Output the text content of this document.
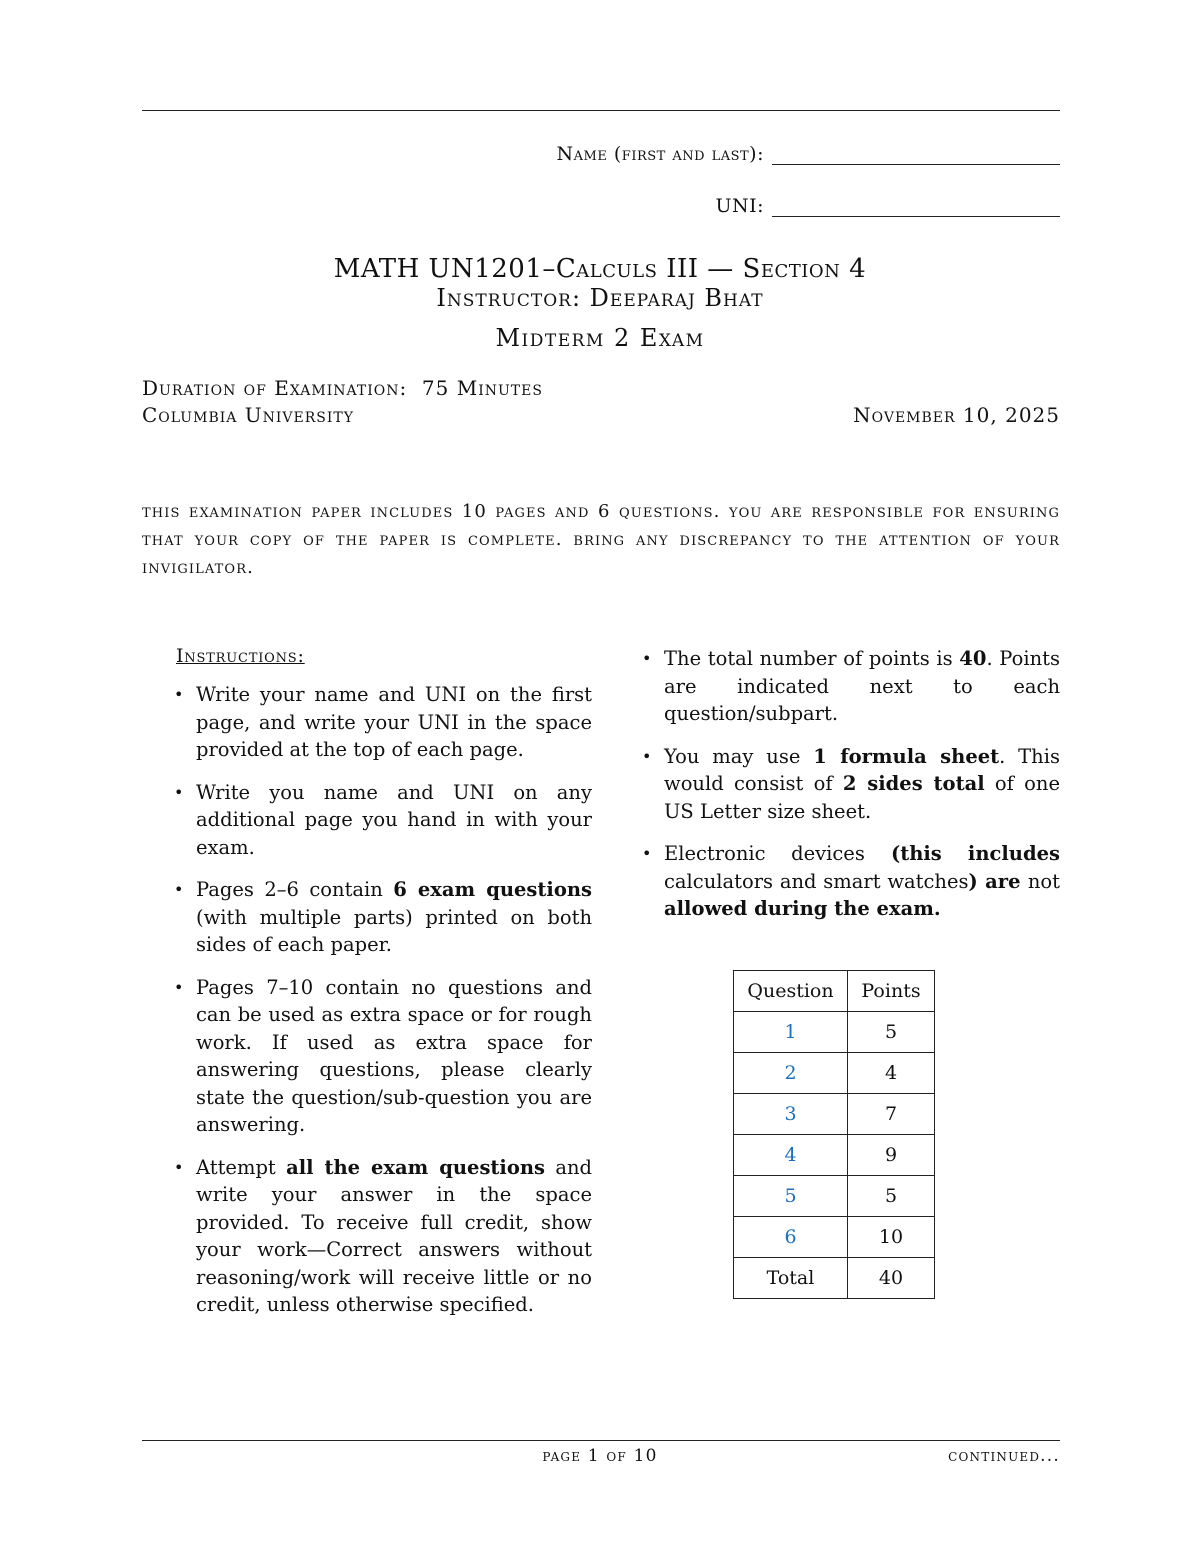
Name (first and last):
UNI:
MATH UN1201–Calculs III — Section 4
Instructor: Deeparaj Bhat
Midterm 2 Exam
Duration of Examination:  75 Minutes
Columbia University	November 10, 2025
this examination paper includes 10 pages and 6 questions. you are responsible for ensuring that your copy of the paper is complete. bring any discrepancy to the attention of your invigilator.
Instructions:
• Write your name and UNI on the first page, and write your UNI in the space provided at the top of each page.
• Write you name and UNI on any additional page you hand in with your exam.
• Pages 2–6 contain 6 exam questions (with multiple parts) printed on both sides of each paper.
• Pages 7–10 contain no questions and can be used as extra space or for rough work. If used as extra space for answering questions, please clearly state the question/sub-question you are answering.
• Attempt all the exam questions and write your answer in the space provided. To receive full credit, show your work—Correct answers without reasoning/work will receive little or no credit, unless otherwise specified.
• The total number of points is 40. Points are indicated next to each question/subpart.
• You may use 1 formula sheet. This would consist of 2 sides total of one US Letter size sheet.
• Electronic devices (this includes calculators and smart watches) are not allowed during the exam.
Question	Points
1	5
2	4
3	7
4	9
5	5
6	10
Total	40
page 1 of 10	continued...
